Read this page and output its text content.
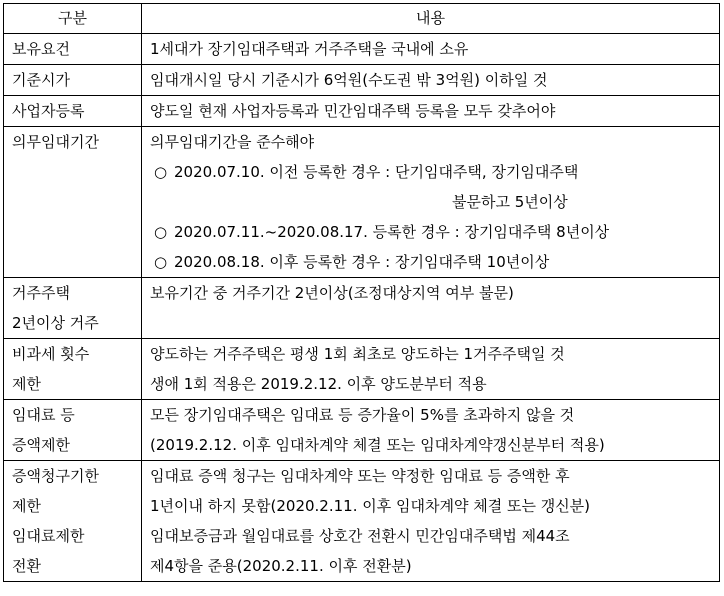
구분	내용

보유요건	1세대가 장기임대주택과 거주주택을 국내에 소유

기준시가	임대개시일 당시 기준시가 6억원(수도권 밖 3억원) 이하일 것

사업자등록	양도일 현재 사업자등록과 민간임대주택 등록을 모두 갖추어야

의무임대기간	의무임대기간을 준수해야
○ 2020.07.10. 이전 등록한 경우 : 단기임대주택, 장기임대주택
불문하고 5년이상
○ 2020.07.11.~2020.08.17. 등록한 경우 : 장기임대주택 8년이상
○ 2020.08.18. 이후 등록한 경우 : 장기임대주택 10년이상

거주주택
2년이상 거주	보유기간 중 거주기간 2년이상(조정대상지역 여부 불문)

비과세 횟수
제한	양도하는 거주주택은 평생 1회 최초로 양도하는 1거주주택일 것
생애 1회 적용은 2019.2.12. 이후 양도분부터 적용

임대료 등
증액제한	모든 장기임대주택은 임대료 등 증가율이 5%를 초과하지 않을 것
(2019.2.12. 이후 임대차계약 체결 또는 임대차계약갱신분부터 적용)

증액청구기한
제한
임대료제한
전환	임대료 증액 청구는 임대차계약 또는 약정한 임대료 등 증액한 후
1년이내 하지 못함(2020.2.11. 이후 임대차계약 체결 또는 갱신분)
임대보증금과 월임대료를 상호간 전환시 민간임대주택법 제44조
제4항을 준용(2020.2.11. 이후 전환분)
